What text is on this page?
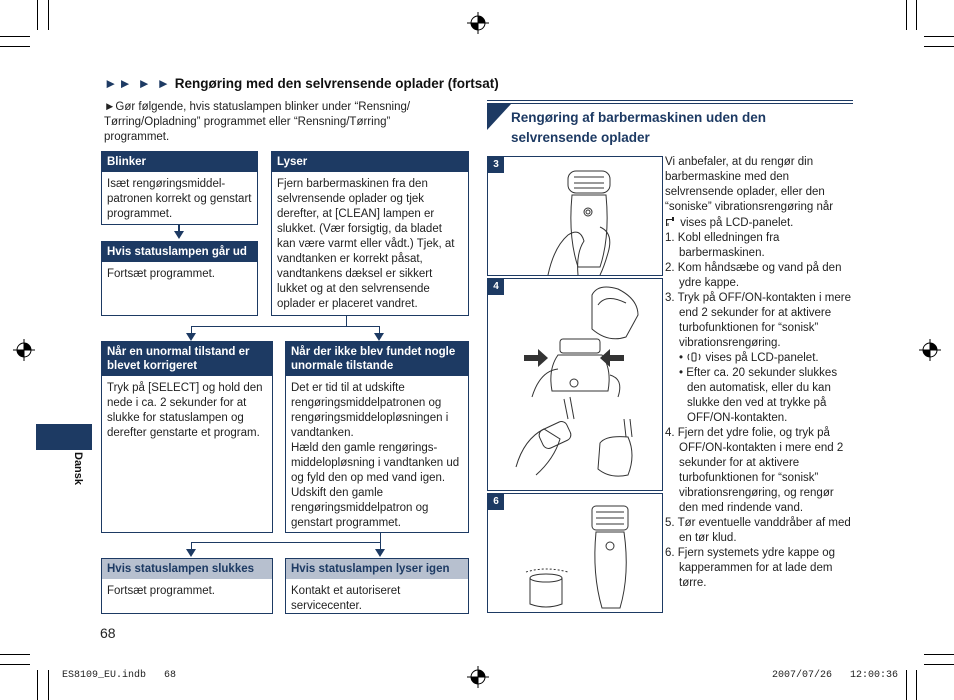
Dansk
►► ► ► Rengøring med den selvrensende oplader (fortsat)
►Gør følgende, hvis statuslampen blinker under “Rensning/ Tørring/Opladning” programmet eller “Rensning/Tørring” programmet.
Blinker
Isæt rengøringsmiddel-patronen korrekt og genstart programmet.
Lyser
Fjern barbermaskinen fra den selvrensende oplader og tjek derefter, at [CLEAN] lampen er slukket. (Vær forsigtig, da bladet kan være varmt eller vådt.) Tjek, at vandtanken er korrekt påsat, vandtankens dæksel er sikkert lukket og at den selvrensende oplader er placeret vandret.
Hvis statuslampen går ud
Fortsæt programmet.
Når en unormal tilstand er blevet korrigeret
Tryk på [SELECT] og hold den nede i ca. 2 sekunder for at slukke for statuslampen og derefter genstarte et program.
Når der ikke blev fundet nogle unormale tilstande
Det er tid til at udskifte rengøringsmiddelpatronen og rengøringsmiddelopløsningen i vandtanken.
Hæld den gamle rengørings-middelopløsning i vandtanken ud og fyld den op med vand igen. Udskift den gamle rengøringsmiddelpatron og genstart programmet.
Hvis statuslampen slukkes
Fortsæt programmet.
Hvis statuslampen lyser igen
Kontakt et autoriseret servicecenter.
Rengøring af barbermaskinen uden den selvrensende oplader
3
4
6

Vi anbefaler, at du rengør din barbermaskine med den selvrensende oplader, eller den “soniske” vibrationsrengøring når
vises på LCD-panelet.

1. Kobl elledningen fra barbermaskinen.

2. Kom håndsæbe og vand på den ydre kappe.

3. Tryk på OFF/ON-kontakten i mere end 2 sekunder for at aktivere turbofunktionen for “sonisk” vibrationsrengøring.

•  vises på LCD-panelet.

• Efter ca. 20 sekunder slukkes den automatisk, eller du kan slukke den ved at trykke på OFF/ON-kontakten.

4. Fjern det ydre folie, og tryk på OFF/ON-kontakten i mere end 2 sekunder for at aktivere turbofunktionen for “sonisk” vibrationsrengøring, og rengør den med rindende vand.

5. Tør eventuelle vanddråber af med en tør klud.

6. Fjern systemets ydre kappe og kapperammen for at lade dem tørre.

68
ES8109_EU.indb   68	2007/07/26   12:00:36
